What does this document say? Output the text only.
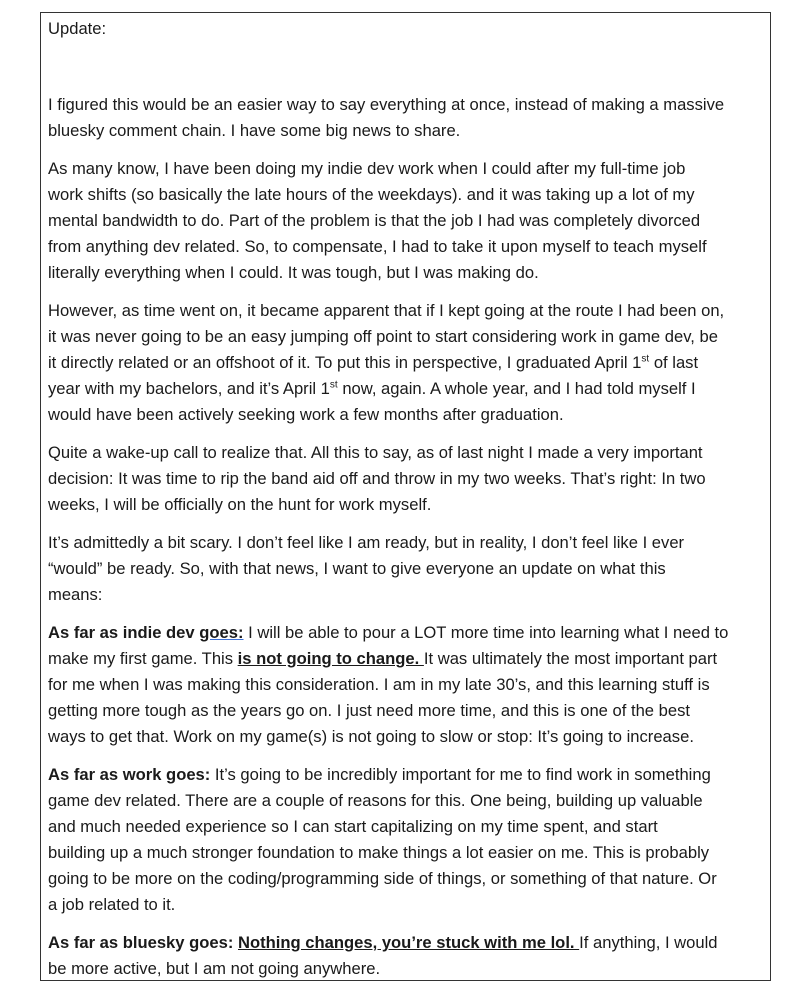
Update:
I figured this would be an easier way to say everything at once, instead of making a massive
bluesky comment chain. I have some big news to share.
As many know, I have been doing my indie dev work when I could after my full-time job
work shifts (so basically the late hours of the weekdays). and it was taking up a lot of my
mental bandwidth to do. Part of the problem is that the job I had was completely divorced
from anything dev related. So, to compensate, I had to take it upon myself to teach myself
literally everything when I could. It was tough, but I was making do.
However, as time went on, it became apparent that if I kept going at the route I had been on,
it was never going to be an easy jumping off point to start considering work in game dev, be
it directly related or an offshoot of it. To put this in perspective, I graduated April 1st of last
year with my bachelors, and it’s April 1st now, again. A whole year, and I had told myself I
would have been actively seeking work a few months after graduation.
Quite a wake-up call to realize that. All this to say, as of last night I made a very important
decision: It was time to rip the band aid off and throw in my two weeks. That’s right: In two
weeks, I will be officially on the hunt for work myself.
It’s admittedly a bit scary. I don’t feel like I am ready, but in reality, I don’t feel like I ever
“would” be ready. So, with that news, I want to give everyone an update on what this
means:
As far as indie dev goes: I will be able to pour a LOT more time into learning what I need to
make my first game. This is not going to change. It was ultimately the most important part
for me when I was making this consideration. I am in my late 30’s, and this learning stuff is
getting more tough as the years go on. I just need more time, and this is one of the best
ways to get that. Work on my game(s) is not going to slow or stop: It’s going to increase.
As far as work goes: It’s going to be incredibly important for me to find work in something
game dev related. There are a couple of reasons for this. One being, building up valuable
and much needed experience so I can start capitalizing on my time spent, and start
building up a much stronger foundation to make things a lot easier on me. This is probably
going to be more on the coding/programming side of things, or something of that nature. Or
a job related to it.
As far as bluesky goes: Nothing changes, you’re stuck with me lol. If anything, I would
be more active, but I am not going anywhere.
